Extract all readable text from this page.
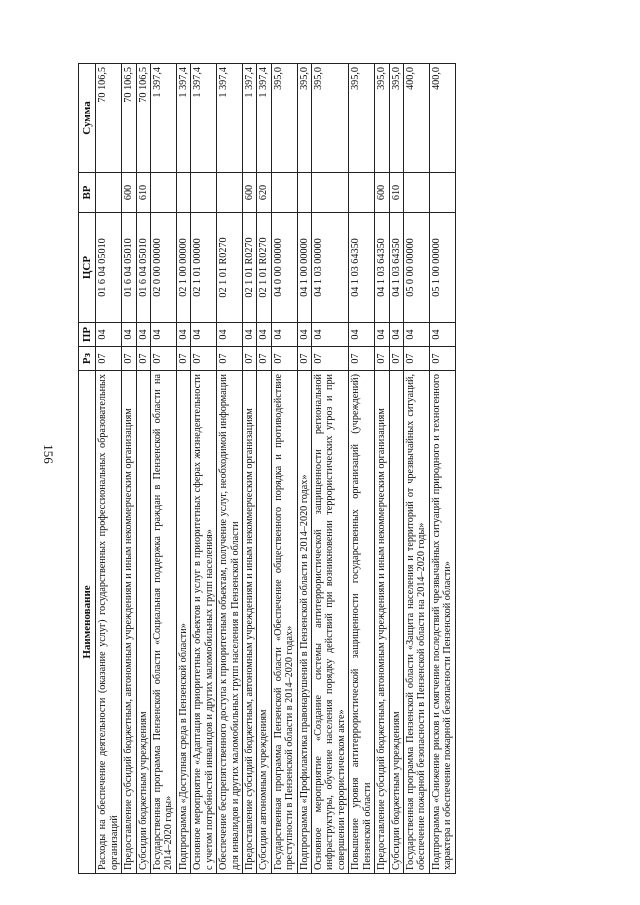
156
Наименование	Рз	ПР	ЦСР	ВР	Сумма
Расходы на обеспечение деятельности (оказание услуг) государственных профессиональных образовательных организаций	07	04	01 6 04 05010		70 106,5
Предоставление субсидий бюджетным, автономным учреждениям и иным некоммерческим организациям	07	04	01 6 04 05010	600	70 106,5
Субсидии бюджетным учреждениям	07	04	01 6 04 05010	610	70 106,5
Государственная программа Пензенской области «Социальная поддержка граждан в Пензенской области на 2014–2020 годы»	07	04	02 0 00 00000		1 397,4
Подпрограмма «Доступная среда в Пензенской области»	07	04	02 1 00 00000		1 397,4
Основное мероприятие «Адаптация приоритетных объектов и услуг в приоритетных сферах жизнедеятельности с учетом потребностей инвалидов и других маломобильных групп населения»	07	04	02 1 01 00000		1 397,4
Обеспечение беспрепятственного доступа к приоритетным объектам, получение услуг, необходимой информации для инвалидов и других маломобильных групп населения в Пензенской области	07	04	02 1 01 R0270		1 397,4
Предоставление субсидий бюджетным, автономным учреждениям и иным некоммерческим организациям	07	04	02 1 01 R0270	600	1 397,4
Субсидии автономным учреждениям	07	04	02 1 01 R0270	620	1 397,4
Государственная программа Пензенской области «Обеспечение общественного порядка и противодействие преступности в Пензенской области в 2014–2020 годах»	07	04	04 0 00 00000		395,0
Подпрограмма «Профилактика правонарушений в Пензенской области в 2014–2020 годах»	07	04	04 1 00 00000		395,0
Основное мероприятие «Создание системы антитеррористической защищенности региональной инфраструктуры, обучение населения порядку действий при возникновении террористических угроз и при совершении террористическом акте»	07	04	04 1 03 00000		395,0
Повышение уровня антитеррористической защищенности государственных организаций (учреждений) Пензенской области	07	04	04 1 03 64350		395,0
Предоставление субсидий бюджетным, автономным учреждениям и иным некоммерческим организациям	07	04	04 1 03 64350	600	395,0
Субсидии бюджетным учреждениям	07	04	04 1 03 64350	610	395,0
Государственная программа Пензенской области «Защита населения и территорий от чрезвычайных ситуаций, обеспечение пожарной безопасности в Пензенской области на 2014–2020 годы»	07	04	05 0 00 00000		400,0
Подпрограмма «Снижение рисков и смягчение последствий чрезвычайных ситуаций природного и техногенного характера и обеспечение пожарной безопасности Пензенской области»	07	04	05 1 00 00000		400,0
